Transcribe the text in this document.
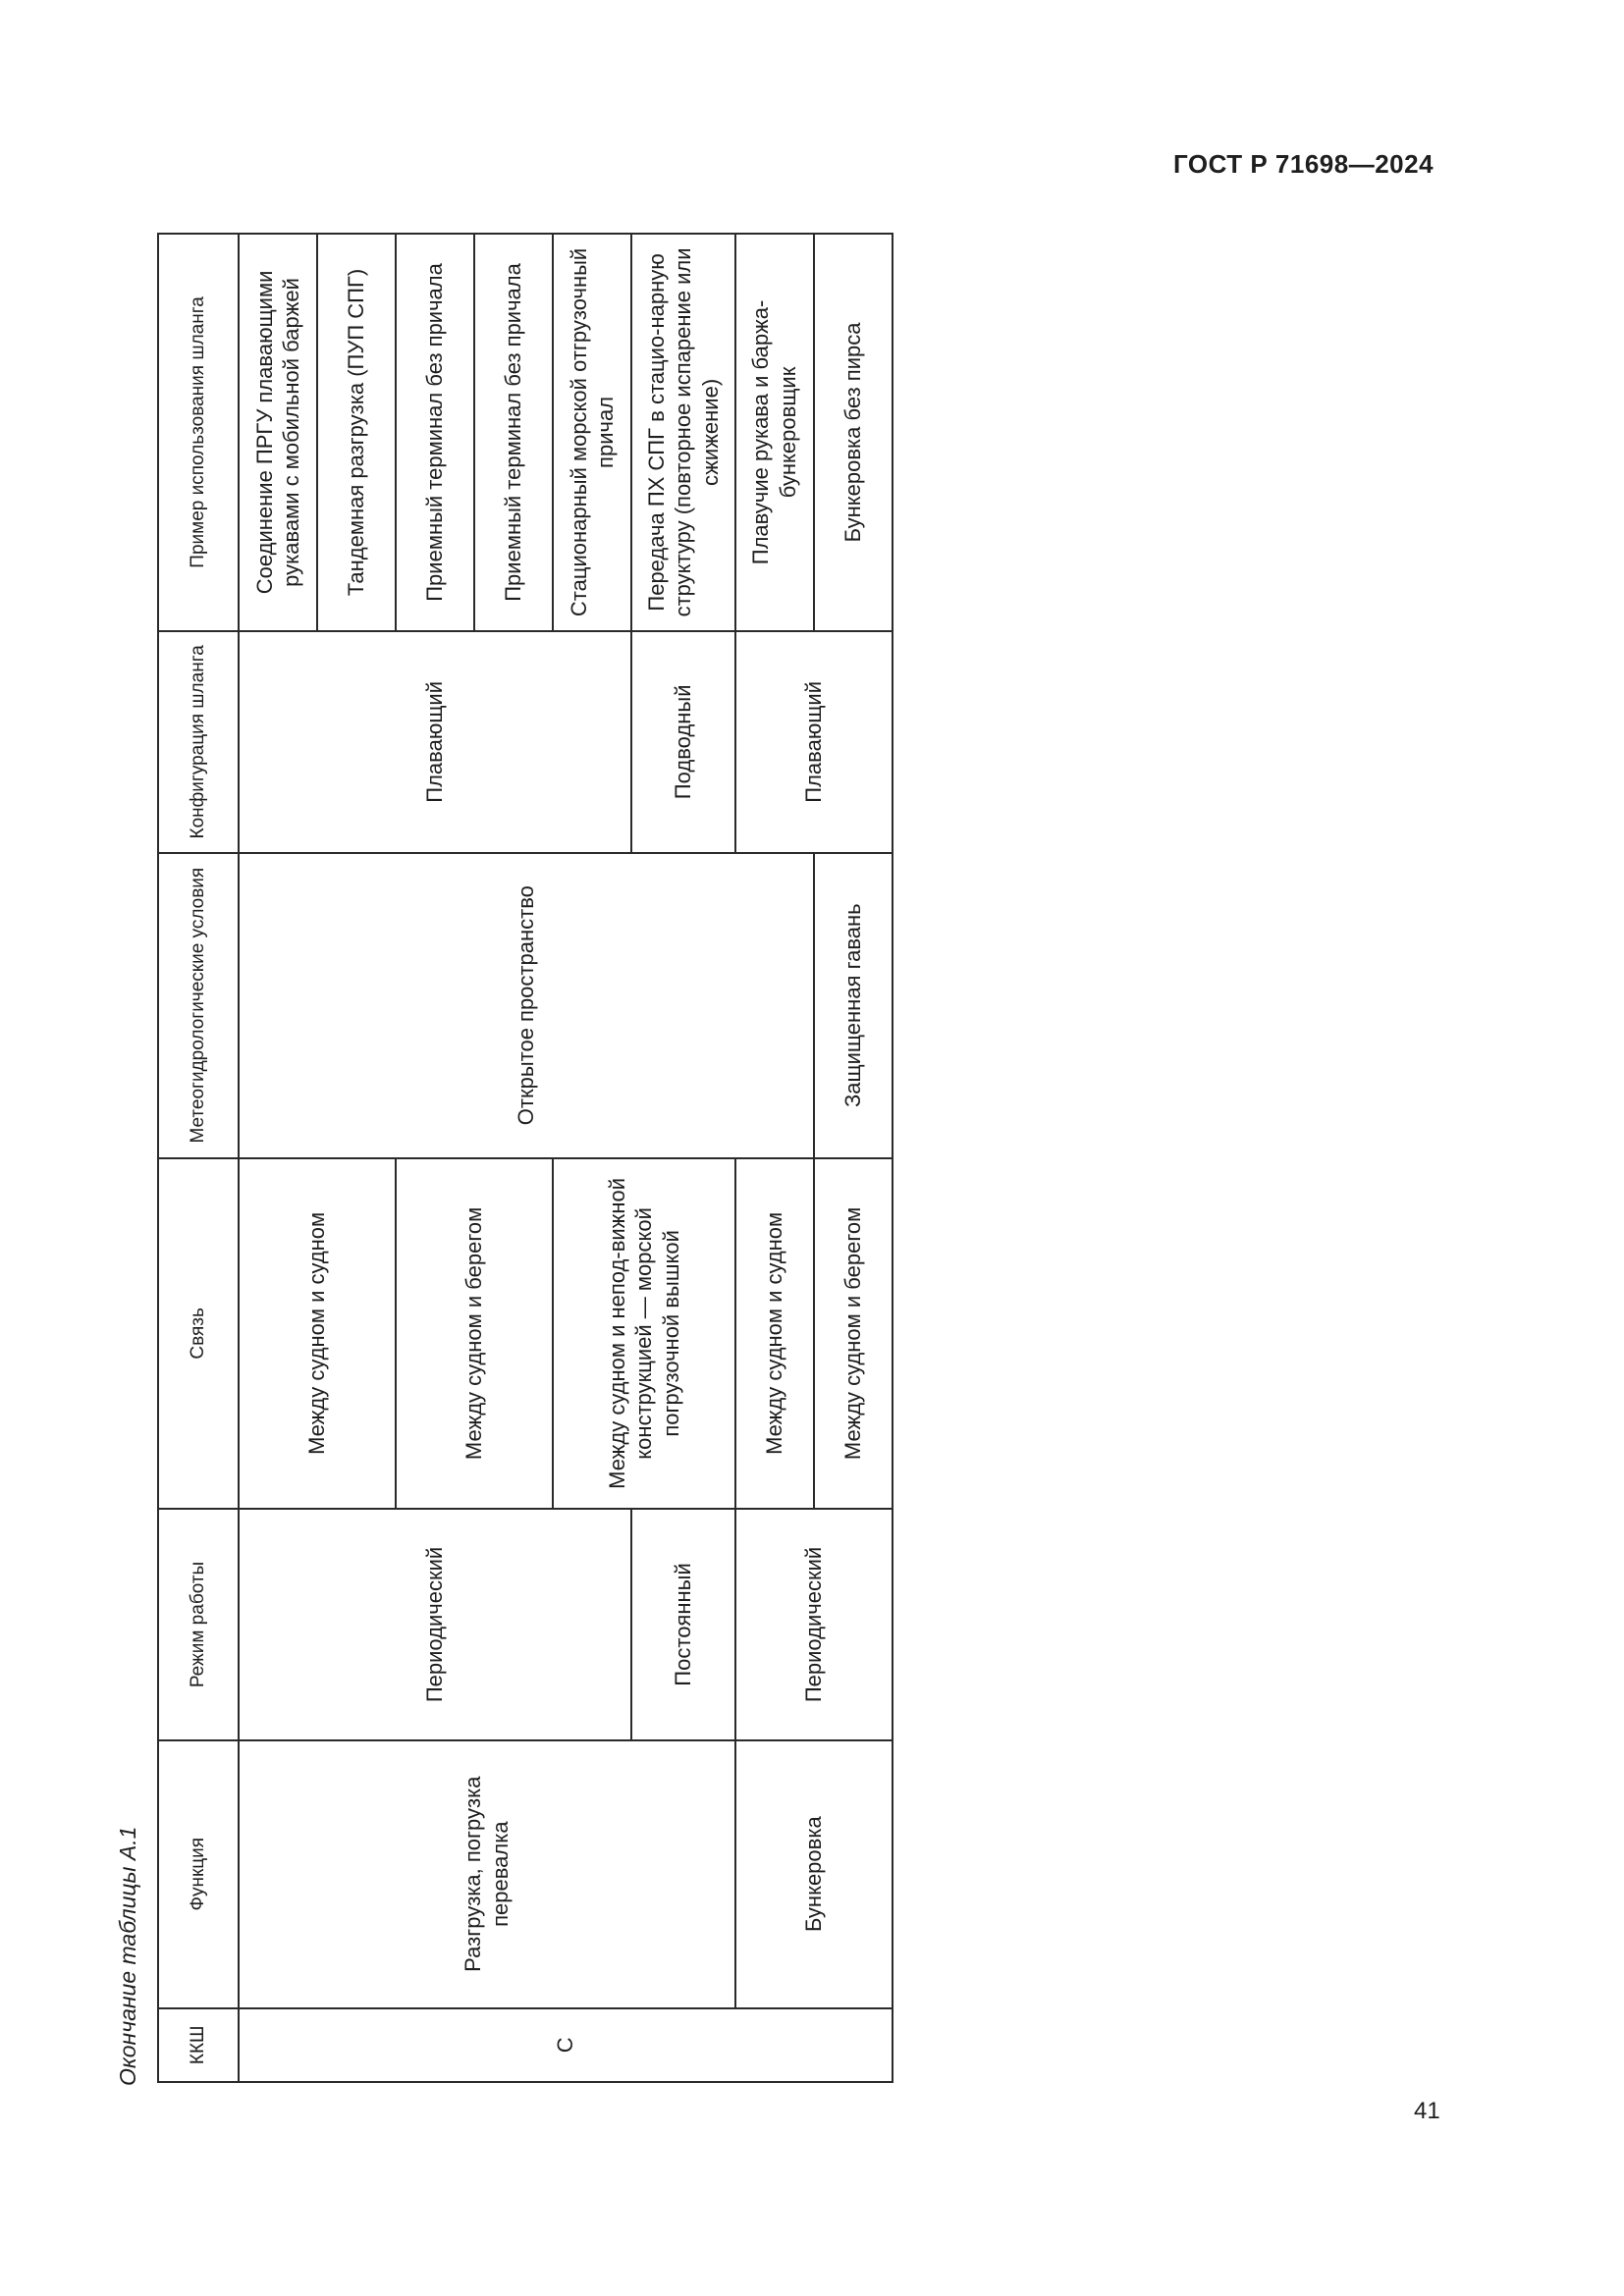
ГОСТ Р 71698—2024
Окончание таблицы А.1	ККШ	Функция	Режим работы	Связь	Метеогидрологические условия	Конфигурация шланга	Пример использования шланга
С	Разгрузка, погрузка перевалка	Периодический	Между судном и судном	Открытое пространство	Плавающий	Соединение ПРГУ плавающими рукавами с мобильной баржей
						Тандемная разгрузка (ПУП СПГ)
			Между судном и берегом			Приемный терминал без причала
						Приемный терминал без причала
			Между судном и непод-вижной конструкцией — морской погрузочной вышкой			Стационарный морской отгрузочный причал
		Постоянный			Подводный	Передача ПХ СПГ в стацио-нарную структуру (повторное испарение или сжижение)
	Бункеровка	Периодический	Между судном и судном		Плавающий	Плавучие рукава и баржа-бункеровщик
			Между судном и берегом	Защищенная гавань		Бункеровка без пирса
41
